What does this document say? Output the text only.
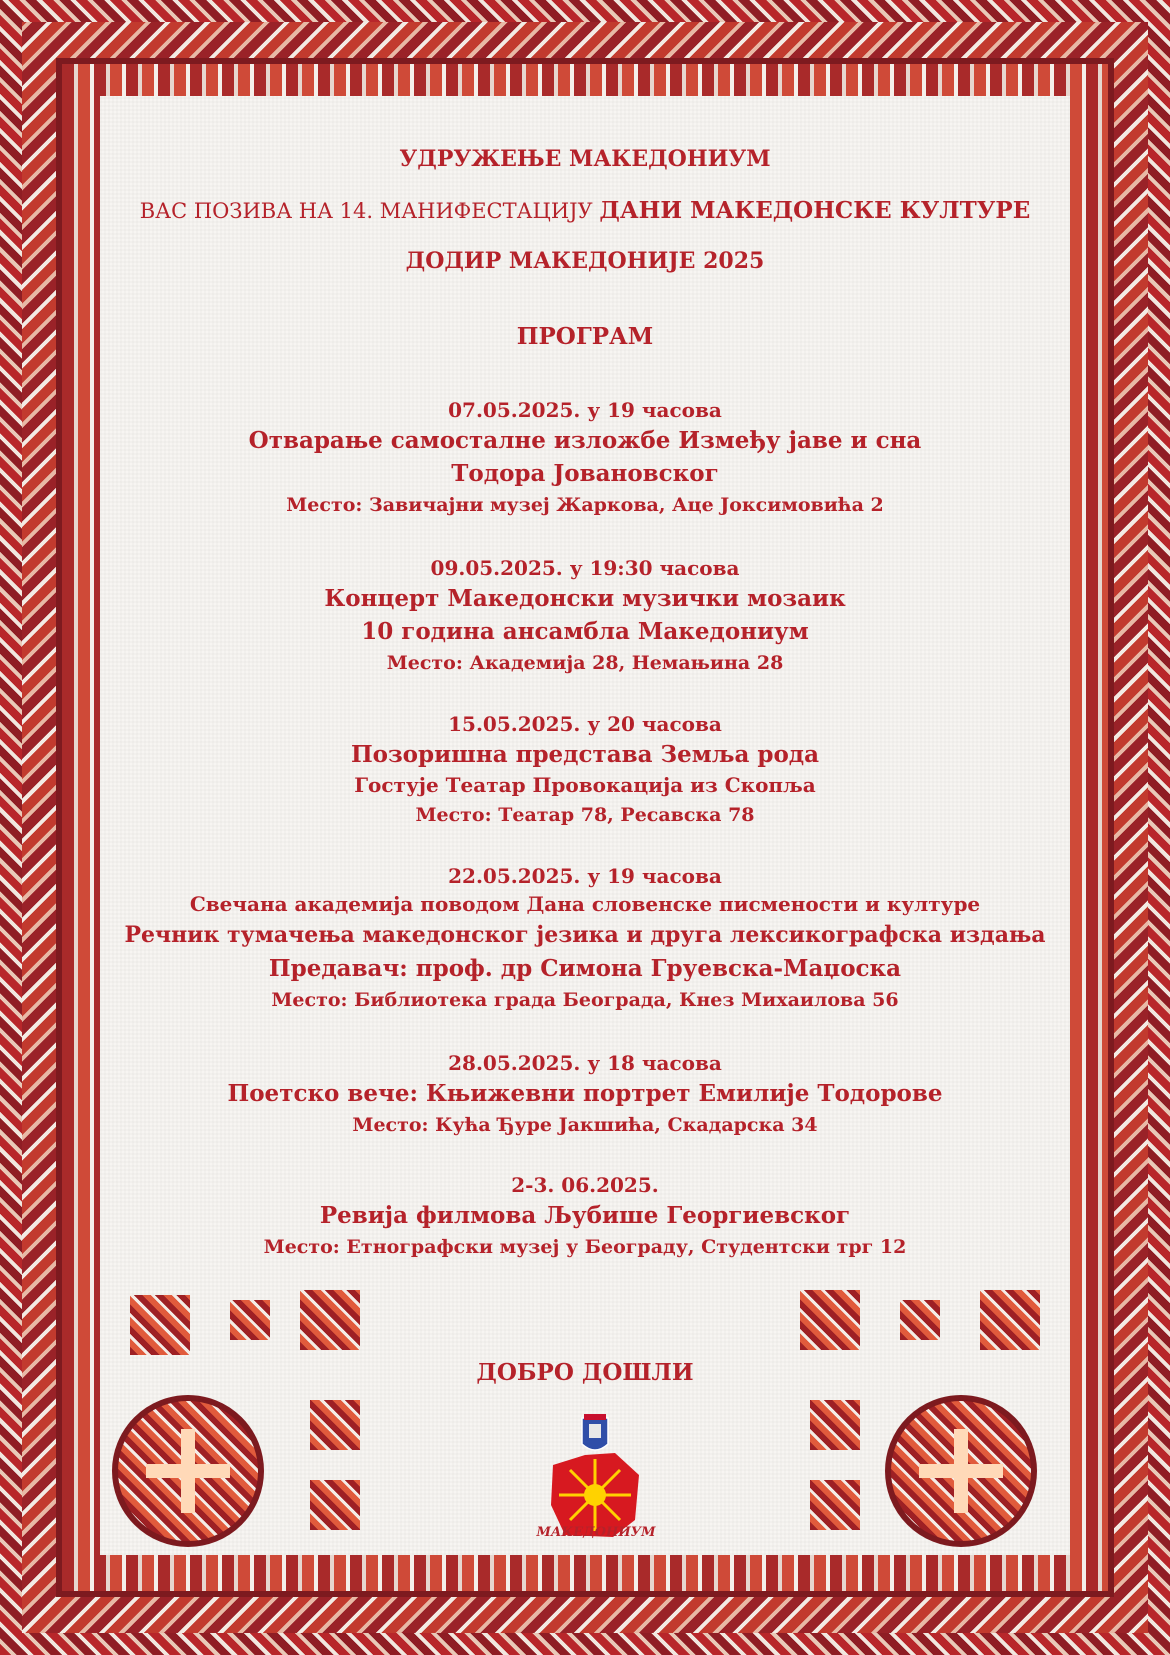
УДРУЖЕЊЕ МАКЕДОНИУМ

ВАС ПОЗИВА НА 14. МАНИФЕСТАЦИЈУ ДАНИ МАКЕДОНСКЕ КУЛТУРЕ

ДОДИР МАКЕДОНИЈЕ 2025

ПРОГРАМ

07.05.2025. у 19 часова
Отварање самосталне изложбе Између јаве и сна
Тодора Јовановског
Место: Завичајни музеј Жаркова, Аце Јоксимовића 2
09.05.2025. у 19:30 часова
Концерт Македонски музички мозаик
10 година ансамбла Македониум
Место: Академија 28, Немањина 28
15.05.2025. у 20 часова
Позоришна представа Земља рода
Гостује Театар Провокација из Скопља
Место: Театар 78, Ресавска 78
22.05.2025. у 19 часова
Свечана академија поводом Дана словенске писмености и културе
Речник тумачења македонског језика и друга лексикографска издања
Предавач: проф. др Симона Груевска-Маџоска
Место: Библиотека града Београда, Кнез Михаилова 56
28.05.2025. у 18 часова
Поетско вече: Књижевни портрет Емилије Тодорове
Место: Кућа Ђуре Јакшића, Скадарска 34
2-3. 06.2025.
Ревија филмова Љубише Георгиевског
Место: Етнографски музеј у Београду, Студентски трг 12

ДОБРО ДОШЛИ

МАКЕДОНИУМ
